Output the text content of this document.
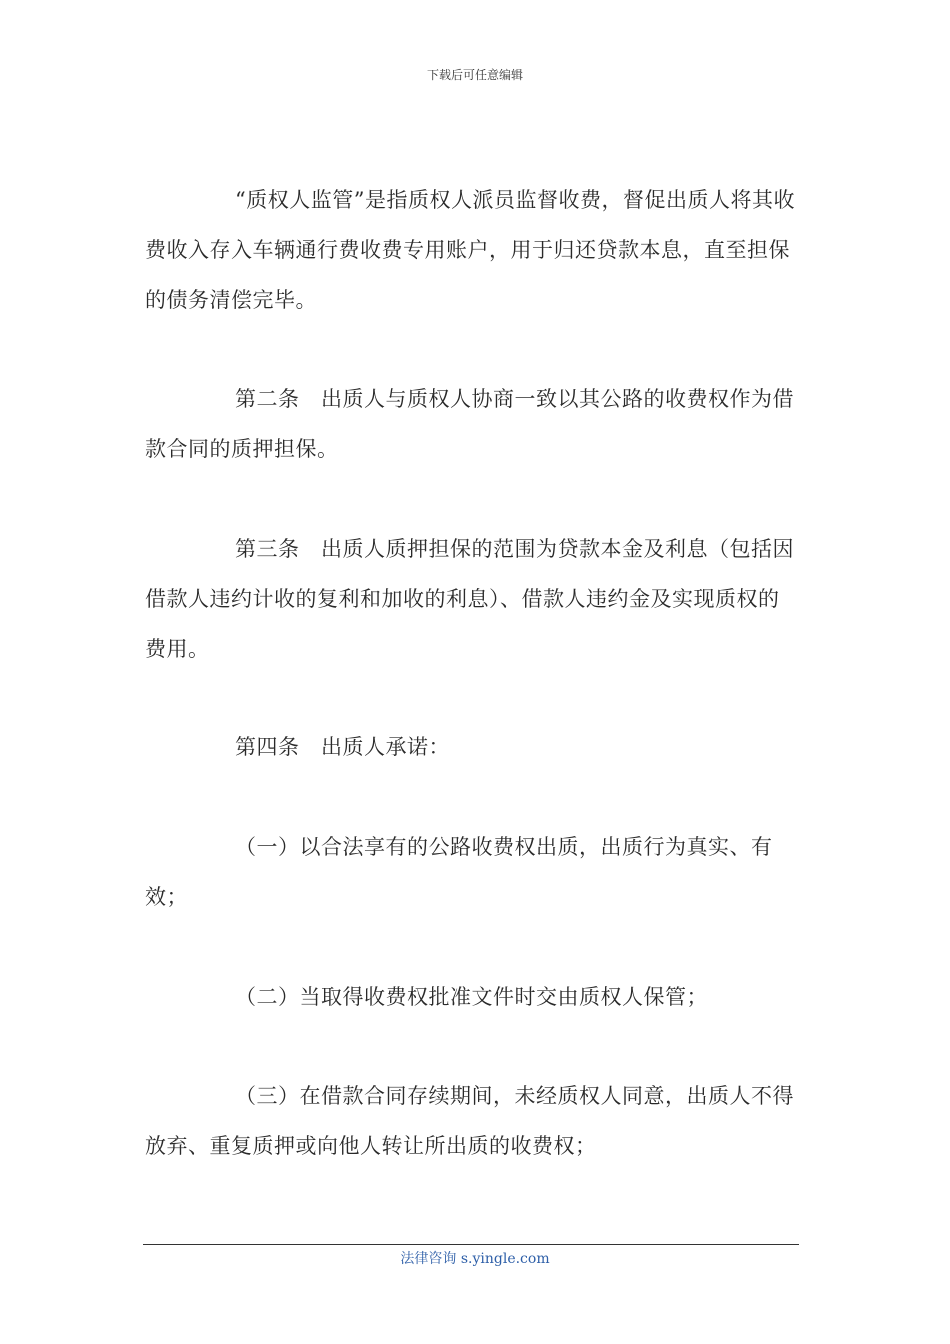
下载后可任意编辑
“质权人监管”是指质权人派员监督收费，督促出质人将其收费收入存入车辆通行费收费专用账户，用于归还贷款本息，直至担保的债务清偿完毕。
第二条　出质人与质权人协商一致以其公路的收费权作为借款合同的质押担保。
第三条　出质人质押担保的范围为贷款本金及利息（包括因借款人违约计收的复利和加收的利息）、借款人违约金及实现质权的费用。
第四条　出质人承诺：
（一）以合法享有的公路收费权出质，出质行为真实、有效；
（二）当取得收费权批准文件时交由质权人保管；
（三）在借款合同存续期间，未经质权人同意，出质人不得放弃、重复质押或向他人转让所出质的收费权；
法律咨询 s.yingle.com
